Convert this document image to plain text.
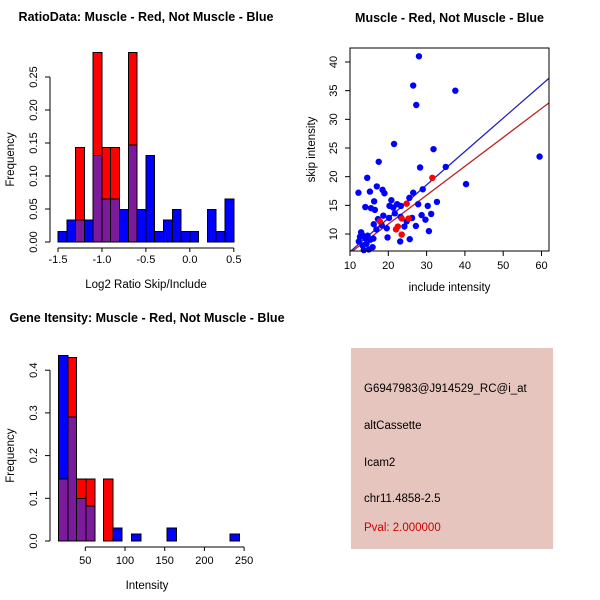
RatioData: Muscle - Red, Not Muscle - Blue
-1.5 -1.0 -0.5 0.0	0.5
Log2 Ratio Skip/Include
0.00
0.05
0.10
0.15
0.20
0.25
Frequency
Muscle - Red, Not Muscle - Blue
10 20 30 40 50 60
include intensity
10
15
20
25
30
35
40
skip intensity
Gene Itensity: Muscle - Red, Not Muscle - Blue
50 100 150 200 250
Intensity
0.0
0.1
0.2
0.3
0.4
Frequency
G6947983@J914529_RC@i_at
altCassette
Icam2
chr11.4858-2.5
Pval: 2.000000
